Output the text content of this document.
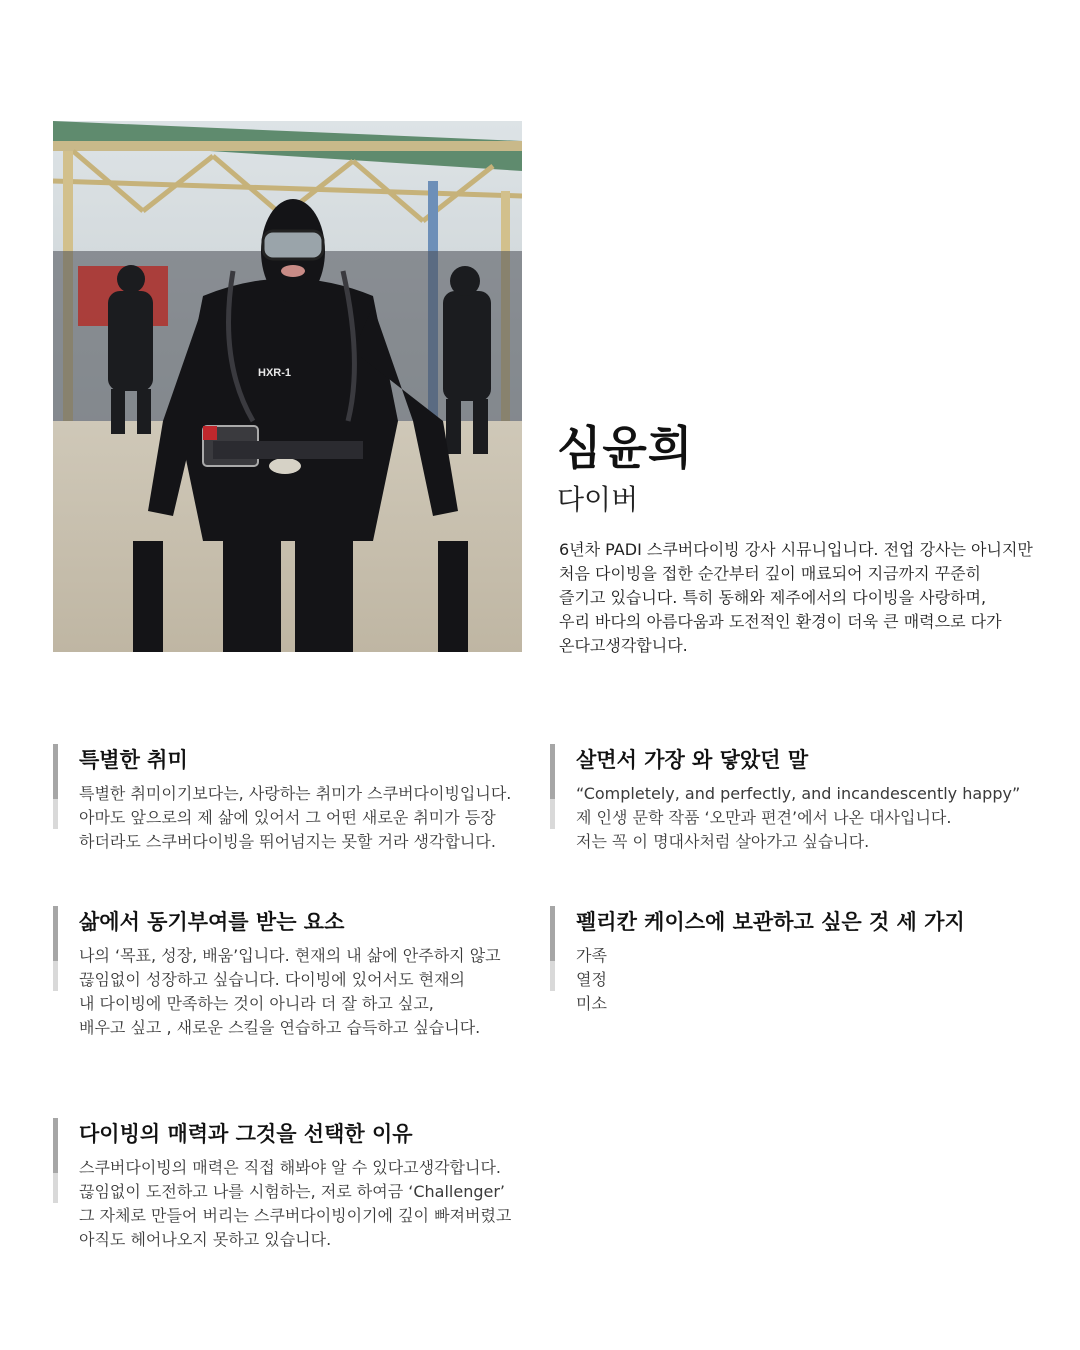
HXR-1
심윤희
다이버
6년차 PADI 스쿠버다이빙 강사 시뮤니입니다. 전업 강사는 아니지만
처음 다이빙을 접한 순간부터 깊이 매료되어 지금까지 꾸준히
즐기고 있습니다. 특히 동해와 제주에서의 다이빙을 사랑하며,
우리 바다의 아름다움과 도전적인 환경이 더욱 큰 매력으로 다가
온다고생각합니다.
특별한 취미
특별한 취미이기보다는, 사랑하는 취미가 스쿠버다이빙입니다.
아마도 앞으로의 제 삶에 있어서 그 어떤 새로운 취미가 등장
하더라도 스쿠버다이빙을 뛰어넘지는 못할 거라 생각합니다.
살면서 가장 와 닿았던 말
“Completely, and perfectly, and incandescently happy”
제 인생 문학 작품 ‘오만과 편견’에서 나온 대사입니다.
저는 꼭 이 명대사처럼 살아가고 싶습니다.
삶에서 동기부여를 받는 요소
나의 ‘목표, 성장, 배움’입니다. 현재의 내 삶에 안주하지 않고
끊임없이 성장하고 싶습니다. 다이빙에 있어서도 현재의
내 다이빙에 만족하는 것이 아니라 더 잘 하고 싶고,
배우고 싶고 , 새로운 스킬을 연습하고 습득하고 싶습니다.
펠리칸 케이스에 보관하고 싶은 것 세 가지
가족
열정
미소
다이빙의 매력과 그것을 선택한 이유
스쿠버다이빙의 매력은 직접 해봐야 알 수 있다고생각합니다.
끊임없이 도전하고 나를 시험하는, 저로 하여금 ‘Challenger’
그 자체로 만들어 버리는 스쿠버다이빙이기에 깊이 빠져버렸고
아직도 헤어나오지 못하고 있습니다.
